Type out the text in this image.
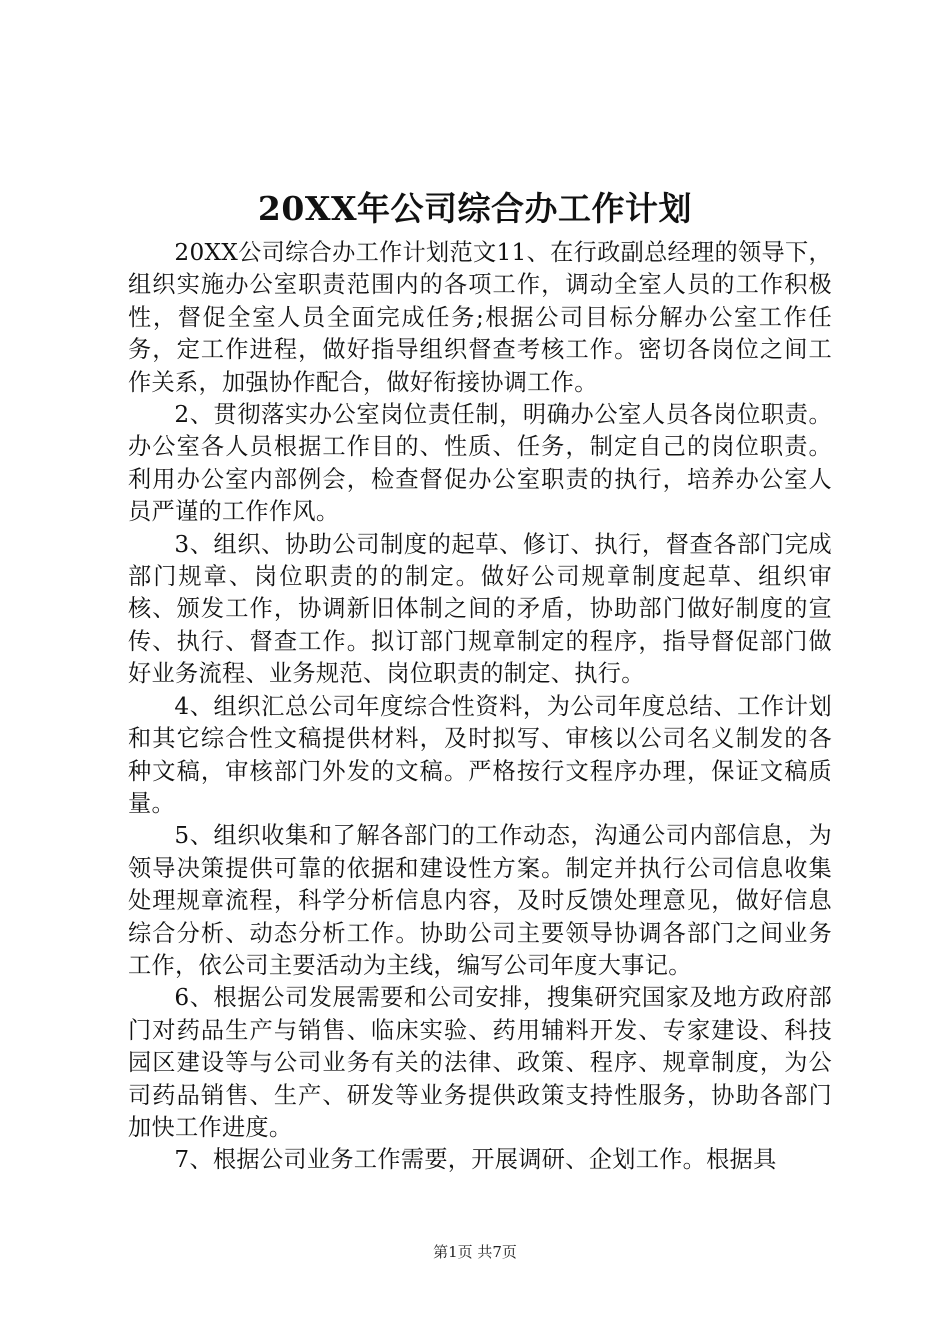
20XX年公司综合办工作计划

20XX公司综合办工作计划范文11、在行政副总经理的领导下，组织实施办公室职责范围内的各项工作，调动全室人员的工作积极性，督促全室人员全面完成任务;根据公司目标分解办公室工作任务，定工作进程，做好指导组织督查考核工作。密切各岗位之间工作关系，加强协作配合，做好衔接协调工作。

2、贯彻落实办公室岗位责任制，明确办公室人员各岗位职责。办公室各人员根据工作目的、性质、任务，制定自己的岗位职责。利用办公室内部例会，检查督促办公室职责的执行，培养办公室人员严谨的工作作风。

3、组织、协助公司制度的起草、修订、执行，督查各部门完成部门规章、岗位职责的的制定。做好公司规章制度起草、组织审核、颁发工作，协调新旧体制之间的矛盾，协助部门做好制度的宣传、执行、督查工作。拟订部门规章制定的程序，指导督促部门做好业务流程、业务规范、岗位职责的制定、执行。

4、组织汇总公司年度综合性资料，为公司年度总结、工作计划和其它综合性文稿提供材料，及时拟写、审核以公司名义制发的各种文稿，审核部门外发的文稿。严格按行文程序办理，保证文稿质量。

5、组织收集和了解各部门的工作动态，沟通公司内部信息，为领导决策提供可靠的依据和建设性方案。制定并执行公司信息收集处理规章流程，科学分析信息内容，及时反馈处理意见，做好信息综合分析、动态分析工作。协助公司主要领导协调各部门之间业务工作，依公司主要活动为主线，编写公司年度大事记。

6、根据公司发展需要和公司安排，搜集研究国家及地方政府部门对药品生产与销售、临床实验、药用辅料开发、专家建设、科技园区建设等与公司业务有关的法律、政策、程序、规章制度，为公司药品销售、生产、研发等业务提供政策支持性服务，协助各部门加快工作进度。

7、根据公司业务工作需要，开展调研、企划工作。根据具

第1页 共7页
